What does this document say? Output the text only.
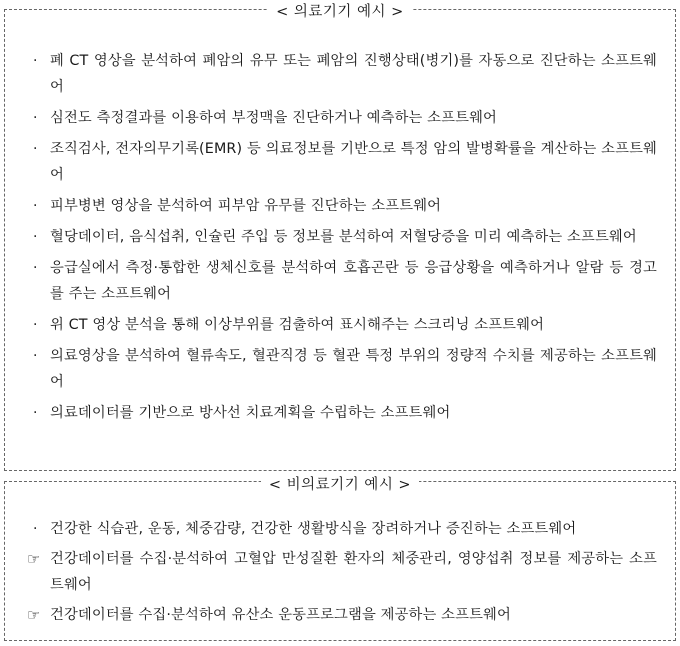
< 의료기기 예시 >
· 폐 CT 영상을 분석하여 폐암의 유무 또는 폐암의 진행상태(병기)를 자동으로 진단하는 소프트웨어
· 심전도 측정결과를 이용하여 부정맥을 진단하거나 예측하는 소프트웨어
· 조직검사, 전자의무기록(EMR) 등 의료정보를 기반으로 특정 암의 발병확률을 계산하는 소프트웨어
· 피부병변 영상을 분석하여 피부암 유무를 진단하는 소프트웨어
· 혈당데이터, 음식섭취, 인슐린 주입 등 정보를 분석하여 저혈당증을 미리 예측하는 소프트웨어
· 응급실에서 측정·통합한 생체신호를 분석하여 호흡곤란 등 응급상황을 예측하거나 알람 등 경고를 주는 소프트웨어
· 위 CT 영상 분석을 통해 이상부위를 검출하여 표시해주는 스크리닝 소프트웨어
· 의료영상을 분석하여 혈류속도, 혈관직경 등 혈관 특정 부위의 정량적 수치를 제공하는 소프트웨어
· 의료데이터를 기반으로 방사선 치료계획을 수립하는 소프트웨어
< 비의료기기 예시 >
· 건강한 식습관, 운동, 체중감량, 건강한 생활방식을 장려하거나 증진하는 소프트웨어
☞ 건강데이터를 수집·분석하여 고혈압 만성질환 환자의 체중관리, 영양섭취 정보를 제공하는 소프트웨어
☞ 건강데이터를 수집·분석하여 유산소 운동프로그램을 제공하는 소프트웨어
